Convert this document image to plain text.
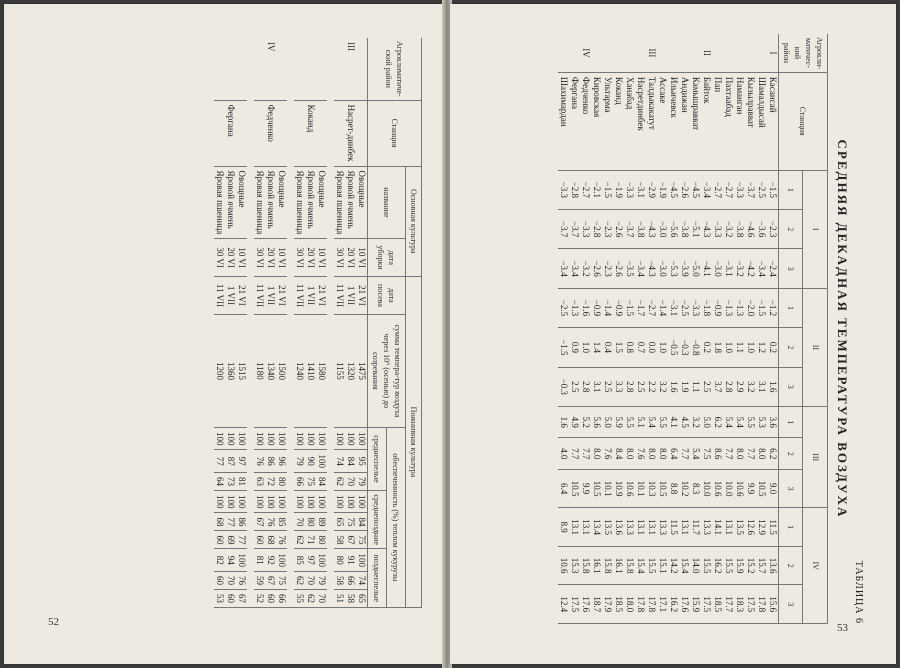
Агроклиматиче-ский район	Станция	Основная культура		Пожнивная культура										
		название	дата уборки	дата посева	сумма темпера-тур воздуха через 10° (осенью) до созревания	обеспеченность (%) теплом кукурузы								
						среднеспелые			среднепоздние			позднеспелые		
III	Насрет-динбек	Овощные	10 VI	21 VI	1475	100	95	79	100	84	75	100	74	65
		Яровой ячмень	20 VI	1 VII	1320	100	84	70	100	75	67	91	66	58
		Яровая пшеница	30 VI	11 VII	1155	100	74	62	100	65	58	80	58	51

	Коканд	Овощные	10 VI	21 VI	1580	100	100	84	100	89	80	100	79	70
		Яровой ячмень	20 VI	1 VII	1410	100	90	75	100	80	71	97	70	62
		Яровая пшеница	30 VI	11 VII	1240	100	79	66	100	70	62	85	62	55

IV	Федченко	Овощные	10 VI	21 VI	1500	100	96	80	100	85	76	100	75	66
		Яровой ячмень	20 VI	1 VII	1340	100	86	72	100	76	68	92	67	60
		Яровая пшеница	30 VI	11 VII	1180	100	76	63	100	67	60	81	59	52

	Фергана	Овощные	10 VI	21 VI	1515	100	97	81	100	86	77	100	76	67
		Яровой ячмень	20 VI	1 VII	1360	100	87	73	100	77	69	94	70	60
		Яровая пшеница	30 VI	11 VII	1200	100	77	64	100	68	60	82	60	53
52	ТАБЛИЦА 6
СРЕДНЯЯ ДЕКАДНАЯ ТЕМПЕРАТУРА ВОЗДУХА
Агрокли-матичес-кий район	Станция	I			II			III			IV		
		1	2	3	1	2	3	1	2	3	1	2	3
I	Касансай	−1.5	−2.3	−2.4	−1.2	0.2	1.6	3.6	6.2	9.0	11.5	13.6	15.6
	Шамалдысай	−2.5	−3.6	−3.4	−1.5	1.2	3.1	5.3	8.0	10.5	12.9	15.7	17.8
	Кызылравват	−3.7	−4.6	−4.2	−2.0	1.0	3.2	5.5	7.7	9.9	12.6	15.2	17.5
	Наманган	−3.3	−3.8	−3.2	−1.3	1.1	2.9	5.4	8.0	10.6	13.5	15.9	18.3
	Пахтаабад	−2.7	−3.2	−3.1	−1.3	1.0	2.8	5.4	7.7	10.0	13.1	15.5	17.7
	Пап	−2.7	−3.3	−3.0	−0.9	1.8	3.7	6.2	8.6	10.6	14.1	16.2	18.5
II	Байток	−3.4	−4.3	−4.1	−1.8	0.2	2.5	5.0	7.5	10.0	13.3	15.5	17.5
	Камышравват	−4.5	−5.1	−5.0	−3.3	−0.8	1.1	3.2	5.4	8.3	11.7	14.0	15.9
	Андижан	−2.6	−3.8	−3.9	−2.5	−0.3	1.9	4.5	7.7	10.2	13.1	15.4	17.6
	Ильичевск	−4.5	−5.6	−5.3	−3.1	−0.5	1.6	4.1	6.4	8.8	11.5	14.2	16.2
	Ассаке	−1.9	−3.0	−3.0	−1.4	1.0	3.2	5.5	8.0	10.5	13.3	15.1	17.1
III	Талдыкакатут	−2.9	−4.3	−4.3	−2.7	0.0	2.2	5.4	8.0	10.3	13.1	15.5	17.8
	Насретдинбек	−3.1	−3.8	−3.4	−1.7	0.7	2.5	5.1	7.6	10.1	13.1	15.4	17.8
	Ханабад	−3.3	−3.7	−3.5	−1.5	0.8	2.8	5.5	8.0	10.6	13.3	15.8	18.0
	Коканд	−1.9	−2.6	−2.6	−0.9	1.5	3.3	5.9	8.4	10.9	13.6	16.1	18.5
	Ультарма	−1.5	−2.3	−2.3	−1.4	0.4	2.5	5.0	7.6	10.1	13.5	15.8	17.9
	Кировская	−2.1	−2.8	−2.6	−0.9	1.4	3.1	5.6	8.0	10.5	13.4	16.1	18.7
IV	Федченко	−2.7	−3.3	−3.2	−1.6	1.0	2.8	5.2	7.7	9.9	13.1	15.8	17.6
	Фергана	−2.8	−3.7	−3.4	−1.3	0.9	2.5	4.9	7.7	10.5	13.1	15.3	17.5
	Шахимардан	−3.3	−3.7	−3.4	−2.5	−1.5	−0.3	1.6	4.0	6.4	8.9	10.6	12.4
53
